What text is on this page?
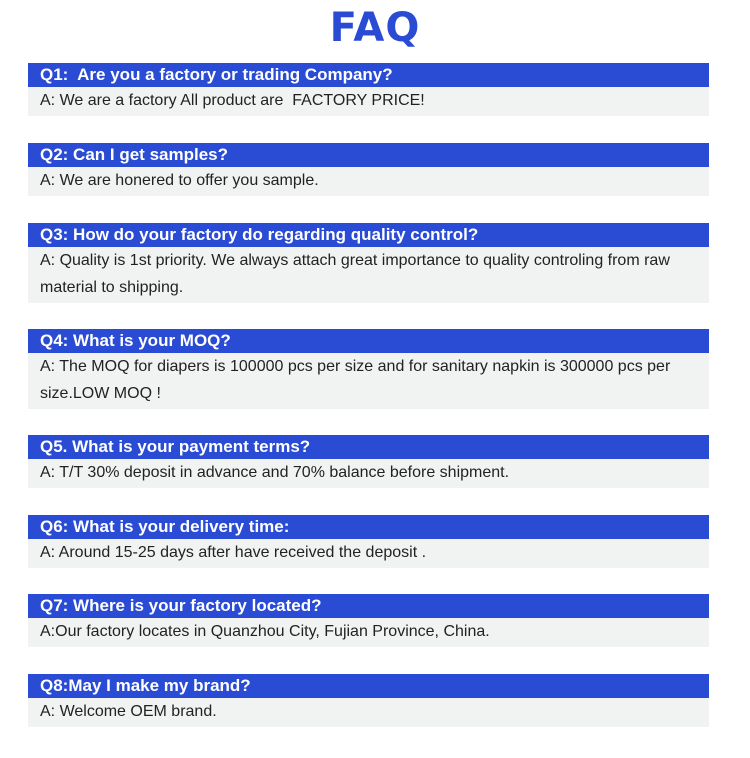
FAQ
Q1:  Are you a factory or trading Company?
A: We are a factory All product are  FACTORY PRICE!
Q2: Can I get samples?
A: We are honered to offer you sample.
Q3: How do your factory do regarding quality control?
A: Quality is 1st priority. We always attach great importance to quality controling from raw material to shipping.
Q4: What is your MOQ?
A: The MOQ for diapers is 100000 pcs per size and for sanitary napkin is 300000 pcs per size.LOW MOQ !
Q5. What is your payment terms?
A: T/T 30% deposit in advance and 70% balance before shipment.
Q6: What is your delivery time:
A: Around 15-25 days after have received the deposit .
Q7: Where is your factory located?
A:Our factory locates in Quanzhou City, Fujian Province, China.
Q8:May I make my brand?
A: Welcome OEM brand.
